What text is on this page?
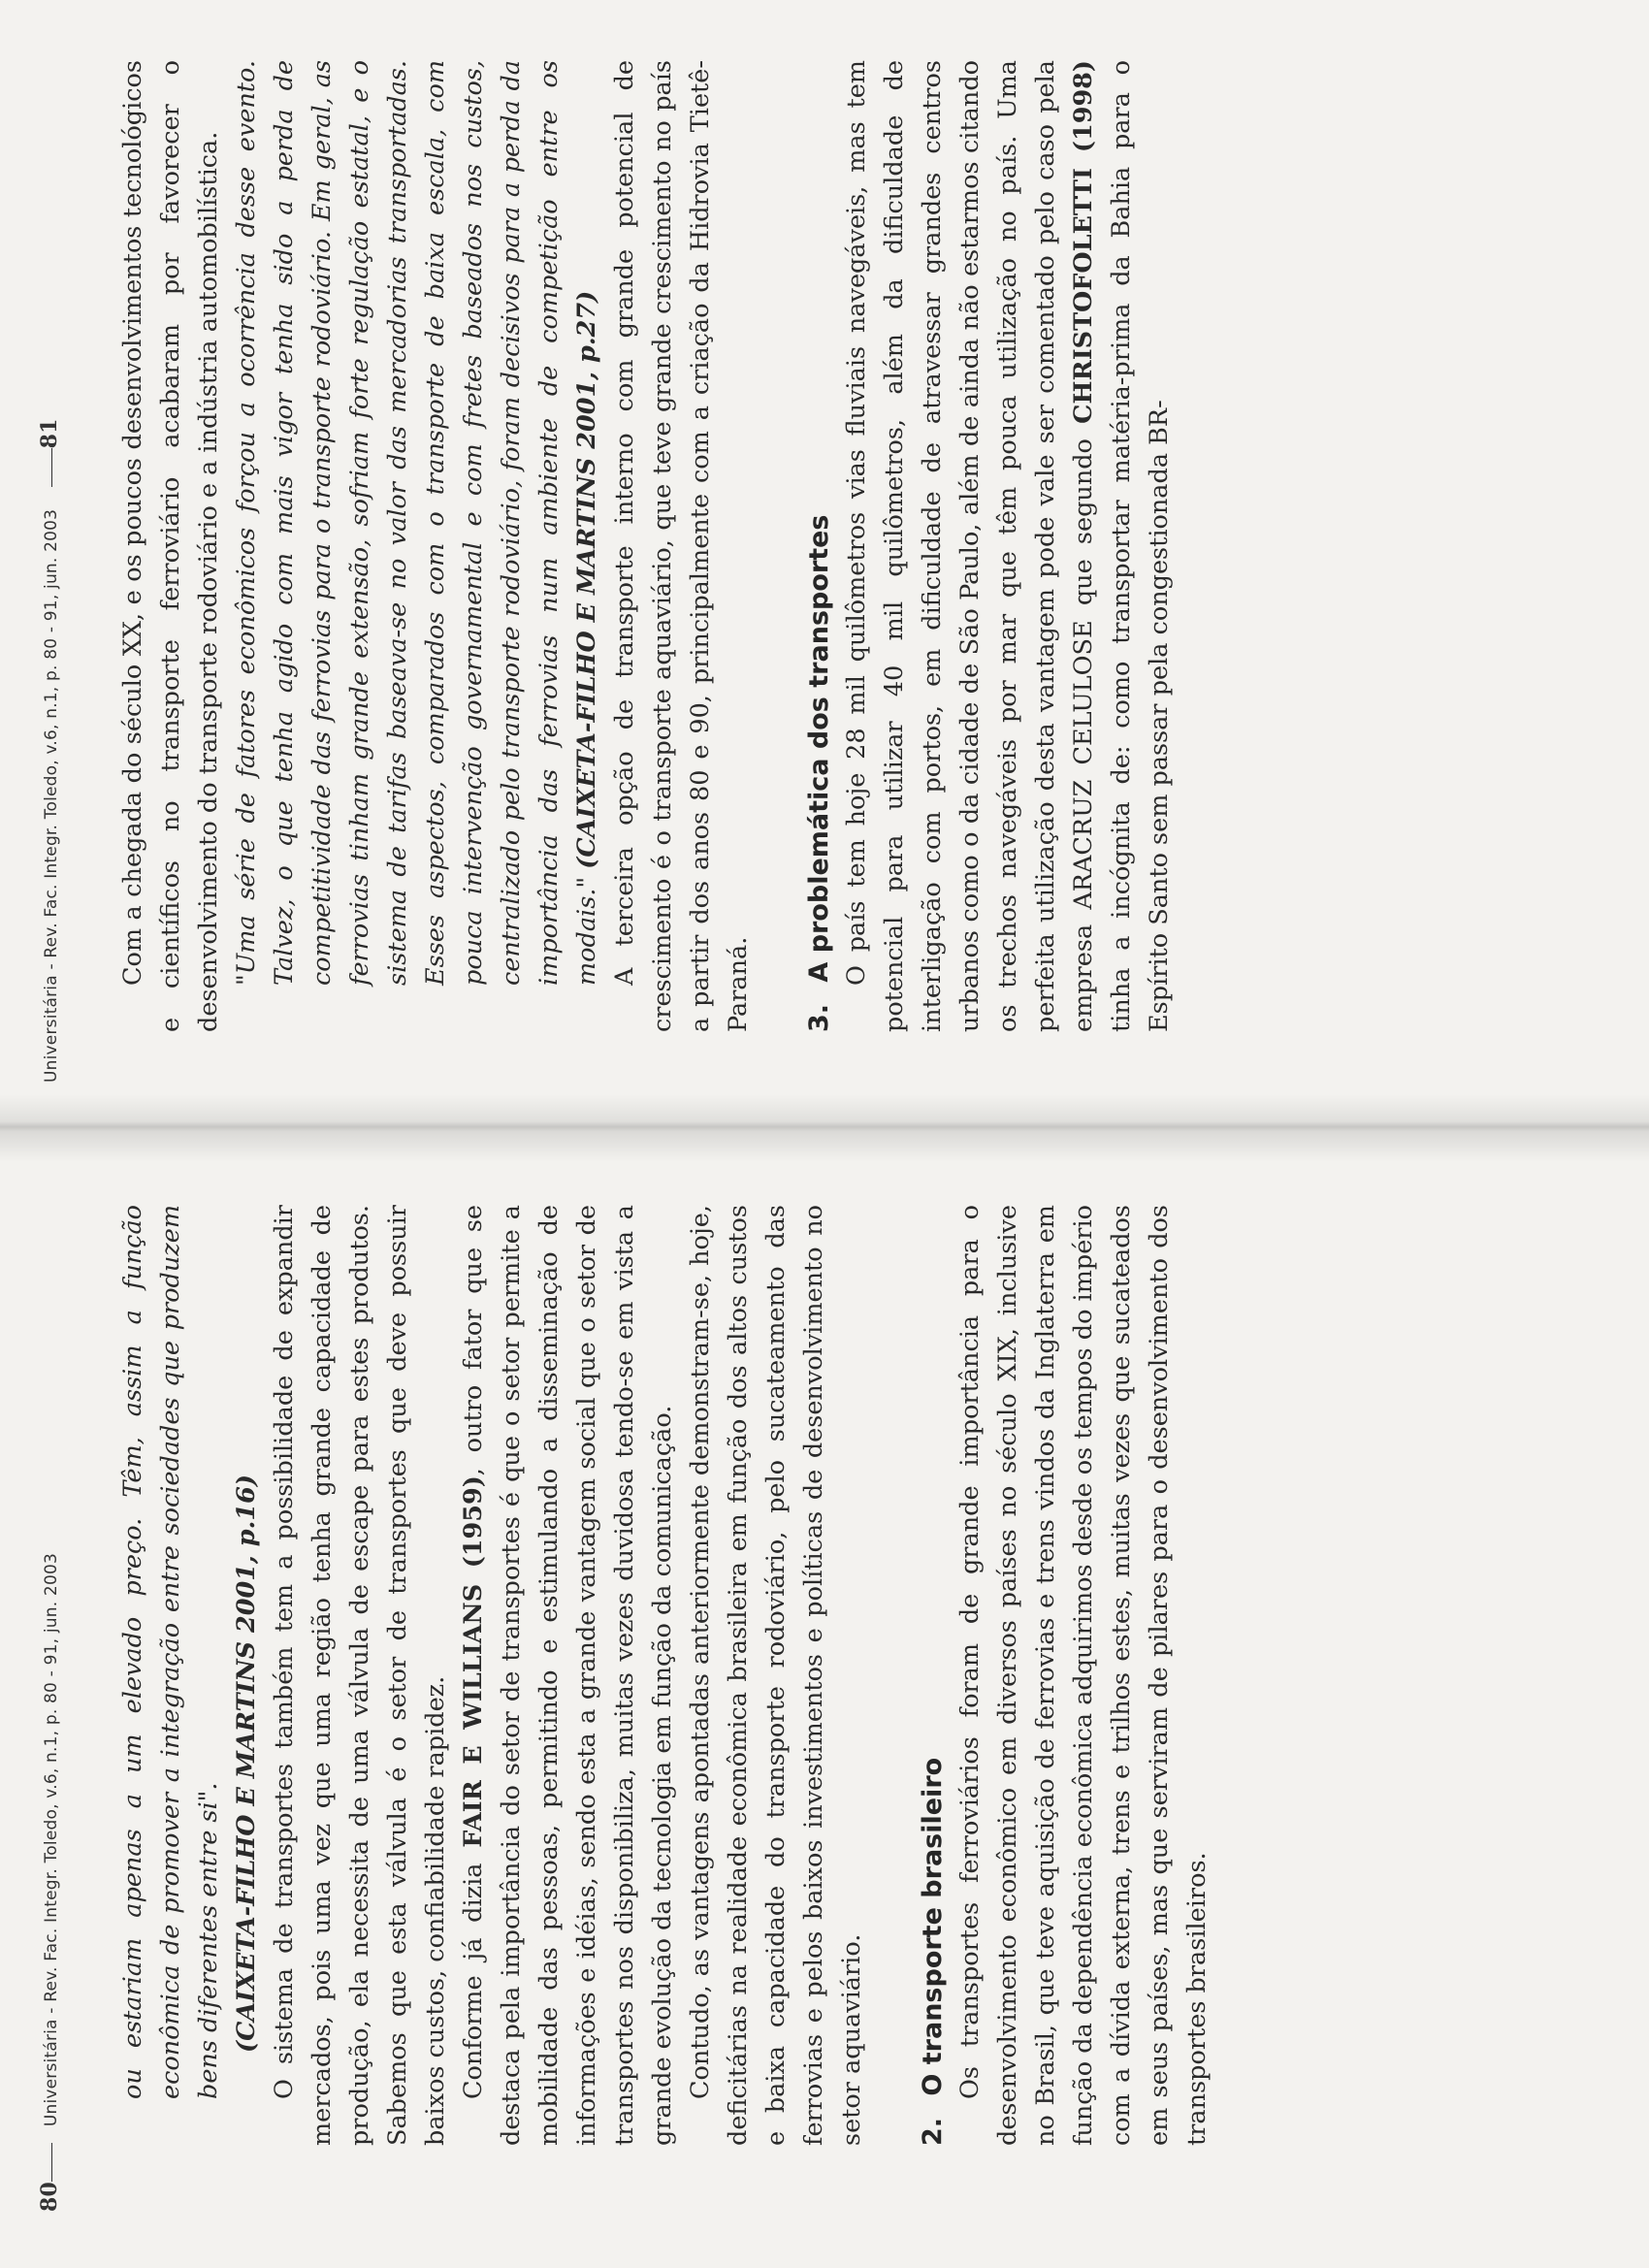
80   Universitária - Rev. Fac. Integr. Toledo, v.6, n.1, p. 80 - 91, jun. 2003 ou estariam apenas a um elevado preço. Têm, assim a função econômica de promover a integração entre sociedades que produzem bens diferentes entre si". (CAIXETA-FILHO E MARTINS 2001, p.16) O sistema de transportes também tem a possibilidade de expandir mercados, pois uma vez que uma região tenha grande capacidade de produção, ela necessita de uma válvula de escape para estes produtos. Sabemos que esta válvula é o setor de transportes que deve possuir baixos custos, confiabilidade rapidez. Conforme já dizia FAIR E WILLIANS (1959), outro fator que se destaca pela importância do setor de transportes é que o setor permite a mobilidade das pessoas, permitindo e estimulando a disseminação de informações e idéias, sendo esta a grande vantagem social que o setor de transportes nos disponibiliza, muitas vezes duvidosa tendo-se em vista a grande evolução da tecnologia em função da comunicação. Contudo, as vantagens apontadas anteriormente demonstram-se, hoje, deficitárias na realidade econômica brasileira em função dos altos custos e baixa capacidade do transporte rodoviário, pelo sucateamento das ferrovias e pelos baixos investimentos e políticas de desenvolvimento no setor aquaviário. 2. O transporte brasileiro Os transportes ferroviários foram de grande importância para o desenvolvimento econômico em diversos países no século XIX, inclusive no Brasil, que teve aquisição de ferrovias e trens vindos da Inglaterra em função da dependência econômica adquirimos desde os tempos do império com a dívida externa, trens e trilhos estes, muitas vezes que sucateados em seus países, mas que serviram de pilares para o desenvolvimento dos transportes brasileiros.

Universitária - Rev. Fac. Integr. Toledo, v.6, n.1, p. 80 - 91, jun. 2003    81 Com a chegada do século XX, e os poucos desenvolvimentos tecnológicos e científicos no transporte ferroviário acabaram por favorecer o desenvolvimento do transporte rodoviário e a indústria automobilística. "Uma série de fatores econômicos forçou a ocorrência desse evento. Talvez, o que tenha agido com mais vigor tenha sido a perda de competitividade das ferrovias para o transporte rodoviário. Em geral, as ferrovias tinham grande extensão, sofriam forte regulação estatal, e o sistema de tarifas baseava-se no valor das mercadorias transportadas. Esses aspectos, comparados com o transporte de baixa escala, com pouca intervenção governamental e com fretes baseados nos custos, centralizado pelo transporte rodoviário, foram decisivos para a perda da importância das ferrovias num ambiente de competição entre os modais." (CAIXETA-FILHO E MARTINS 2001, p.27) A terceira opção de transporte interno com grande potencial de crescimento é o transporte aquaviário, que teve grande crescimento no país a partir dos anos 80 e 90, principalmente com a criação da Hidrovia Tietê-Paraná. 3. A problemática dos transportes O país tem hoje 28 mil quilômetros vias fluviais navegáveis, mas tem potencial para utilizar 40 mil quilômetros, além da dificuldade de interligação com portos, em dificuldade de atravessar grandes centros urbanos como o da cidade de São Paulo, além de ainda não estarmos citando os trechos navegáveis por mar que têm pouca utilização no país. Uma perfeita utilização desta vantagem pode vale ser comentado pelo caso pela empresa ARACRUZ CELULOSE que segundo CHRISTOFOLETTI (1998) tinha a incógnita de: como transportar matéria-prima da Bahia para o Espírito Santo sem passar pela congestionada BR-
